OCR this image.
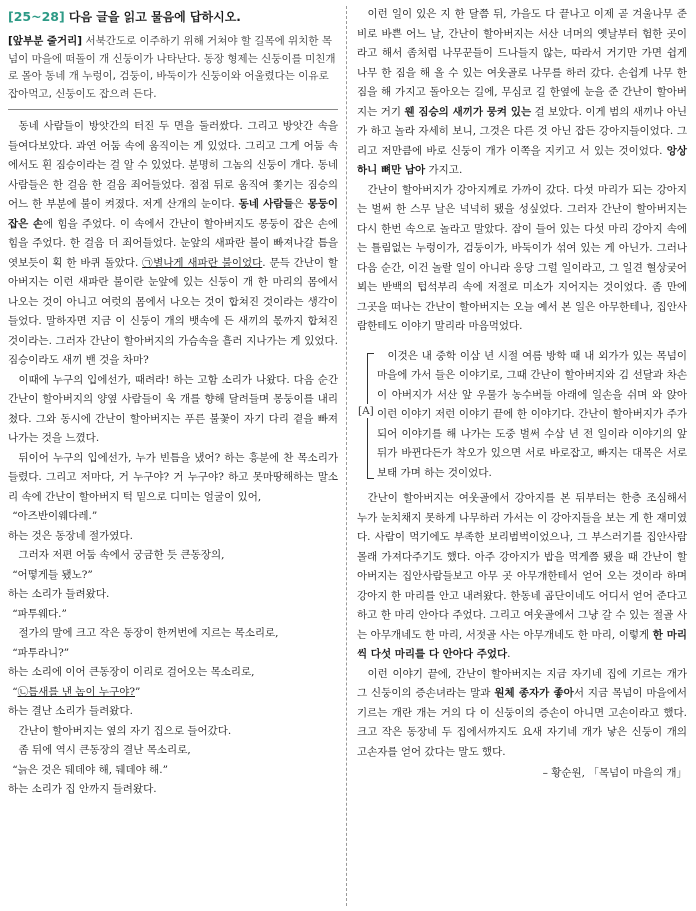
[25~28] 다음 글을 읽고 물음에 답하시오.
[앞부분 줄거리] 서북간도로 이주하기 위해 거쳐야 할 길목에 위치한 목넘이 마을에 떠돌이 개 신둥이가 나타난다. 동장 형제는 신둥이를 미친개로 몰아 동네 개 누렁이, 검둥이, 바둑이가 신둥이와 어울렸다는 이유로 잡아먹고, 신둥이도 잡으려 든다.

동네 사람들이 방앗간의 터진 두 면을 둘러쌌다. 그리고 방앗간 속을 들여다보았다. 과연 어둠 속에 움직이는 게 있었다. 그리고 그게 어둠 속에서도 흰 짐승이라는 걸 알 수 있었다. 분명히 그놈의 신둥이 개다. 동네 사람들은 한 걸음 한 걸음 죄어들었다. 점점 뒤로 움직여 쫓기는 짐승의 어느 한 부분에 불이 켜졌다. 저게 산개의 눈이다. 동네 사람들은 몽둥이 잡은 손에 힘을 주었다. 이 속에서 간난이 할아버지도 몽둥이 잡은 손에 힘을 주었다. 한 걸음 더 죄어들었다. 눈앞의 새파란 불이 빠져나갈 틈을 엿보듯이 획 한 바퀴 돌았다. ㉠별나게 새파란 불이었다. 문득 간난이 할아버지는 이런 새파란 불이란 눈앞에 있는 신둥이 개 한 마리의 몸에서 나오는 것이 아니고 여럿의 몸에서 나오는 것이 합쳐진 것이라는 생각이 들었다. 말하자면 지금 이 신둥이 개의 뱃속에 든 새끼의 몫까지 합쳐진 것이라는. 그러자 간난이 할아버지의 가슴속을 흘러 지나가는 게 있었다. 짐승이라도 새끼 밴 것을 차마?

이때에 누구의 입에선가, 때려라! 하는 고함 소리가 나왔다. 다음 순간 간난이 할아버지의 양옆 사람들이 욱 개를 향해 달려들며 몽둥이를 내리쳤다. 그와 동시에 간난이 할아버지는 푸른 불꽃이 자기 다리 곁을 빠져나가는 것을 느꼈다.

뒤이어 누구의 입에선가, 누가 빈틈을 냈어? 하는 흥분에 찬 목소리가 들렸다. 그리고 저마다, 거 누구야? 거 누구야? 하고 못마땅해하는 말소리 속에 간난이 할아버지 턱 밑으로 디미는 얼굴이 있어,

“아즈반이웨다레.”

하는 것은 동장네 절가였다.

그러자 저편 어둠 속에서 궁금한 듯 큰동장의,

“어떻게들 됐노?”

하는 소리가 들려왔다.

“파투웨다.”

절가의 말에 크고 작은 동장이 한꺼번에 지르는 목소리로,

“파투라니?”

하는 소리에 이어 큰동장이 이리로 걸어오는 목소리로,

“㉡틈새를 낸 놈이 누구야?”

하는 결난 소리가 들려왔다.

간난이 할아버지는 옆의 자기 집으로 들어갔다.

좀 뒤에 역시 큰동장의 결난 목소리로,

“늙은 것은 뒈데야 해, 뒈데야 해.”

하는 소리가 집 안까지 들려왔다.

이런 일이 있은 지 한 달쯤 뒤, 가을도 다 끝나고 이제 곧 겨울나무 준비로 바쁜 어느 날, 간난이 할아버지는 서산 너머의 옛날부터 험한 곳이라고 해서 좀처럼 나무꾼들이 드나들지 않는, 따라서 거기만 가면 쉽게 나무 한 짐을 해 올 수 있는 여웃골로 나무를 하러 갔다. 손쉽게 나무 한 짐을 해 가지고 돌아오는 길에, 무심코 길 한옆에 눈을 준 간난이 할아버지는 거기 웬 짐승의 새끼가 뭉켜 있는 걸 보았다. 이게 범의 새끼나 아닌가 하고 놀라 자세히 보니, 그것은 다른 것 아닌 잡든 강아지들이었다. 그리고 저만큼에 바로 신둥이 개가 이쪽을 지키고 서 있는 것이었다. 앙상하니 뼈만 남아 가지고.

간난이 할아버지가 강아지께로 가까이 갔다. 다섯 마리가 되는 강아지는 벌써 한 스무 날은 넉넉히 됐을 성싶었다. 그러자 간난이 할아버지는 다시 한번 속으로 놀라고 말았다. 잠이 들어 있는 다섯 마리 강아지 속에는 틀림없는 누렁이가, 검둥이가, 바둑이가 섞여 있는 게 아닌가. 그러나 다음 순간, 이건 놀랄 일이 아니라 응당 그럴 일이라고, 그 일견 혈상궂어 뵈는 반백의 텁석부리 속에 저절로 미소가 지어지는 것이었다. 좀 만에 그곳을 떠나는 간난이 할아버지는 오늘 예서 본 일은 아무한테나, 집안사람한테도 이야기 말리라 마음먹었다.

[A]
이것은 내 중학 이삼 년 시절 여름 방학 때 내 외가가 있는 목넘이 마을에 가서 들은 이야기로, 그때 간난이 할아버지와 김 선달과 차손이 아버지가 서산 앞 우물가 농수버들 아래에 일손을 쉬며 와 앉아 이런 이야기 저런 이야기 끝에 한 이야기다. 간난이 할아버지가 주가 되어 이야기를 해 나가는 도중 벌써 수삼 년 전 일이라 이야기의 앞뒤가 바뀐다든가 착오가 있으면 서로 바로잡고, 빠지는 대목은 서로 보태 가며 하는 것이었다.

간난이 할아버지는 여웃골에서 강아지를 본 뒤부터는 한층 조심해서 누가 눈치채지 못하게 나무하러 가서는 이 강아지들을 보는 게 한 재미였다. 사람이 먹기에도 부족한 보리범벅이었으나, 그 부스러기를 집안사람 몰래 가져다주기도 했다. 아주 강아지가 밥을 먹게쯤 됐을 때 간난이 할아버지는 집안사람들보고 아무 곳 아무개한테서 얻어 오는 것이라 하며 강아지 한 마리를 안고 내려왔다. 한동네 곱단이네도 어디서 얻어 준다고 하고 한 마리 안아다 주었다. 그리고 여웃골에서 그냥 갈 수 있는 절골 사는 아무개네도 한 마리, 서젓골 사는 아무개네도 한 마리, 이렇게 한 마리씩 다섯 마리를 다 안아다 주었다.

이런 이야기 끝에, 간난이 할아버지는 지금 자기네 집에 기르는 개가 그 신둥이의 증손녀라는 말과 원체 종자가 좋아서 지금 목넘이 마을에서 기르는 개란 개는 거의 다 이 신둥이의 증손이 아니면 고손이라고 했다. 크고 작은 동장네 두 집에서까지도 요새 자기네 개가 낳은 신둥이 개의 고손자를 얻어 갔다는 말도 했다.

– 황순원, 「목넘이 마을의 개」
